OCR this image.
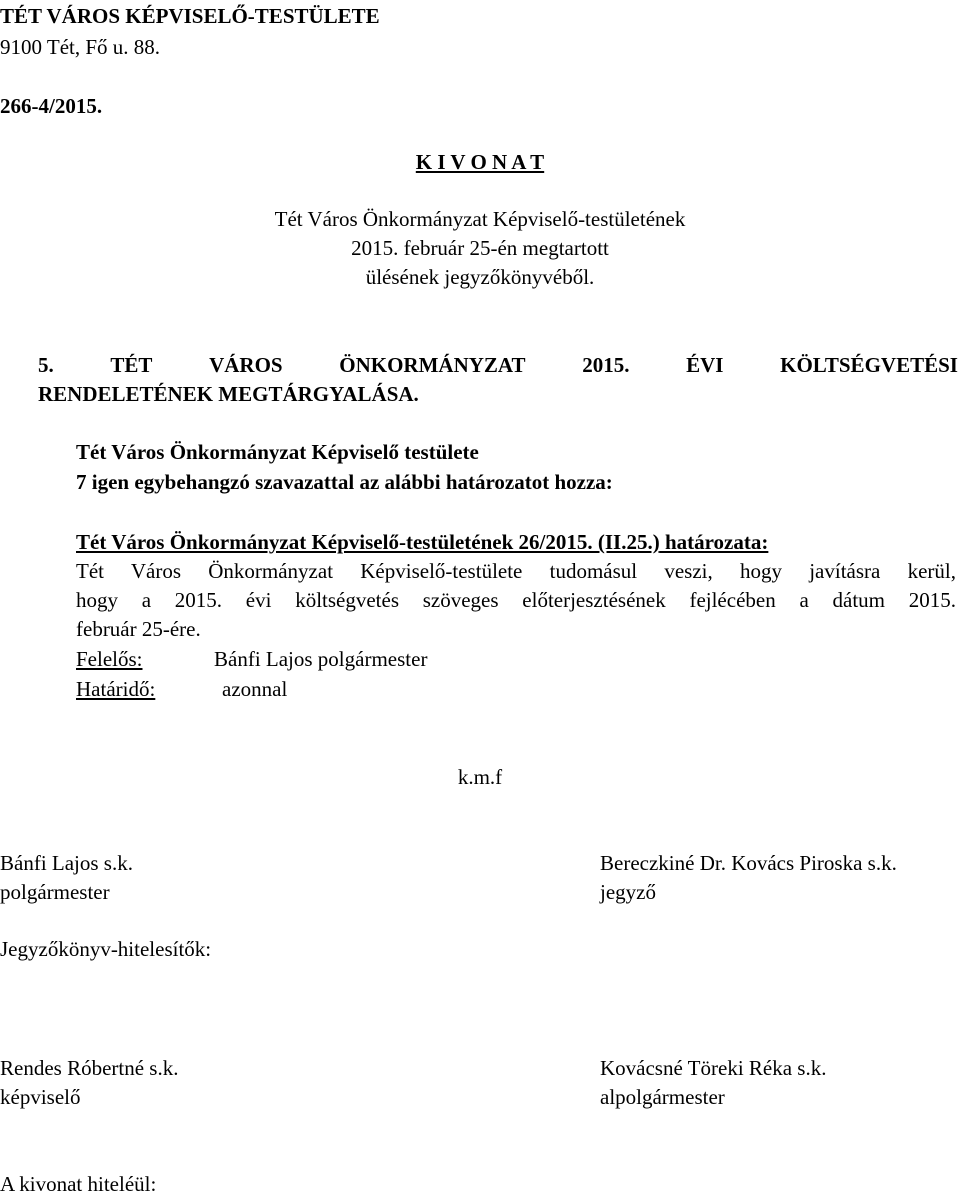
TÉT VÁROS KÉPVISELŐ-TESTÜLETE
9100 Tét, Fő u. 88.
266-4/2015.
K I V O N A T
Tét Város Önkormányzat Képviselő-testületének
2015. február 25-én megtartott
ülésének jegyzőkönyvéből.
5.	TÉT	VÁROS	ÖNKORMÁNYZAT	2015.	ÉVI	KÖLTSÉGVETÉSI
RENDELETÉNEK MEGTÁRGYALÁSA.
Tét Város Önkormányzat Képviselő testülete
7 igen egybehangzó szavazattal az alábbi határozatot hozza:
Tét Város Önkormányzat Képviselő-testületének 26/2015. (II.25.) határozata:
Tét Város Önkormányzat Képviselő-testülete tudomásul veszi, hogy javításra kerül,
hogy a 2015. évi költségvetés szöveges előterjesztésének fejlécében a dátum 2015.
február 25-ére.
Felelős:	Bánfi Lajos polgármester
Határidő:	azonnal
k.m.f
Bánfi Lajos s.k.
polgármester
Bereczkiné Dr. Kovács Piroska s.k.
jegyző
Jegyzőkönyv-hitelesítők:
Rendes Róbertné s.k.
képviselő
Kovácsné Töreki Réka s.k.
alpolgármester
A kivonat hiteléül:
